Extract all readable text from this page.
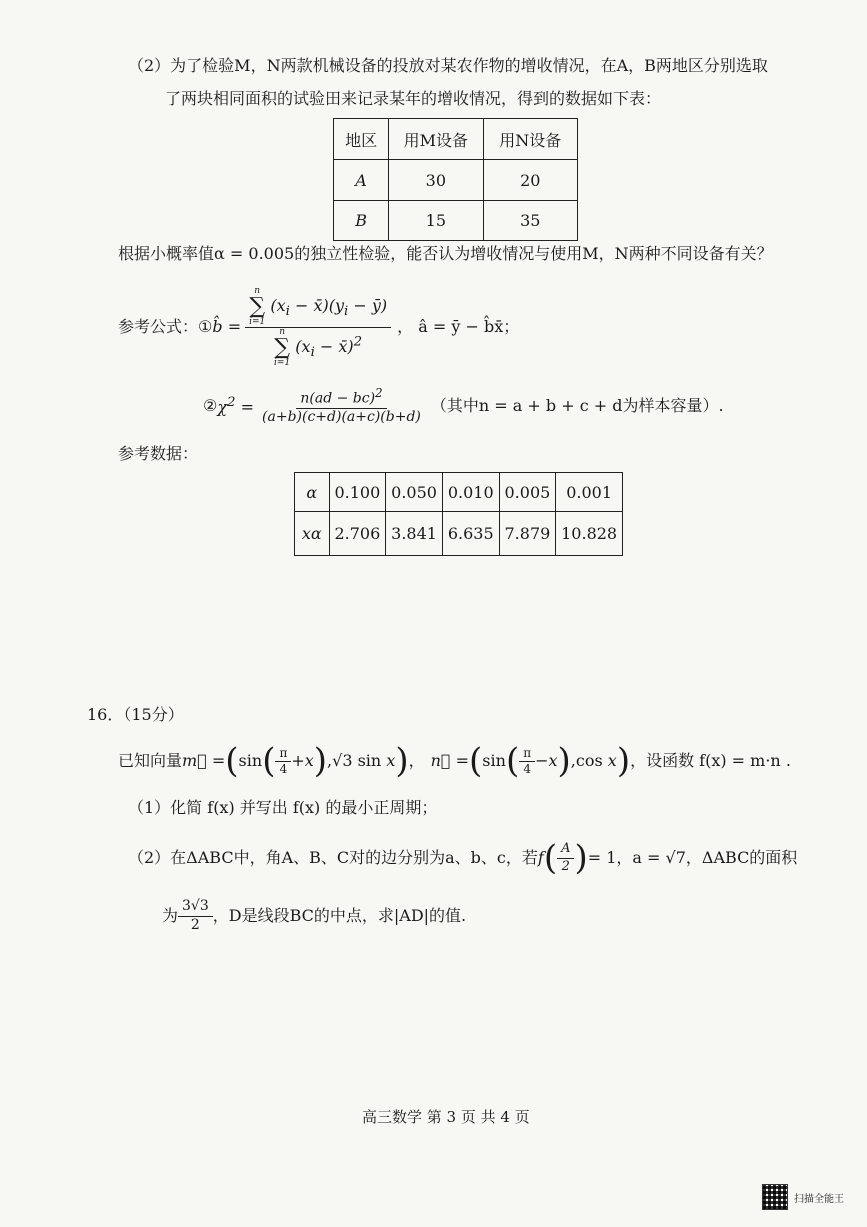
（2）为了检验M，N两款机械设备的投放对某农作物的增收情况，在A，B两地区分别选取
了两块相同面积的试验田来记录某年的增收情况，得到的数据如下表：
地区	用M设备	用N设备
A	30	20
B	15	35
根据小概率值α = 0.005的独立性检验，能否认为增收情况与使用M，N两种不同设备有关？
参考公式： ① b̂ = n
∑
i=1
($x_i$ − $x̄)(y_i$ − ȳ)
n
∑
i=1
($x_i$ − x̄)$^2$ ， â = ȳ − b̂x̄；
② $\chi^2 = \frac{n(ad - bc)^2}{(a+b)(c+d)(a+c)(b+d)}$ （其中n = a + b + c + d为样本容量）.
参考数据：
α	0.100	0.050	0.010	0.005	0.001
xα	2.706	3.841	6.635	7.879	10.828
16．（15分）
已知向量 m⃗ = ( sin ( $\frac{\pi}{4} +x$ ) ,√3 sin x ) ， n⃗ = ( sin ( $\frac{\pi}{4} -x$ ) ,cos x ) ，设函数 f(x) = m·n .
（1）化简 f(x) 并写出 f(x) 的最小正周期；
（2）在ΔABC中，角A、B、C对的边分别为a、b、c，若 f ( $\frac{A}{2}$ ) = 1 ，a = √7，ΔABC的面积
为 $\frac{3√3}{2}$ ，D是线段BC的中点，求|AD|的值.
高三数学 第 3 页 共 4 页
扫描全能王
